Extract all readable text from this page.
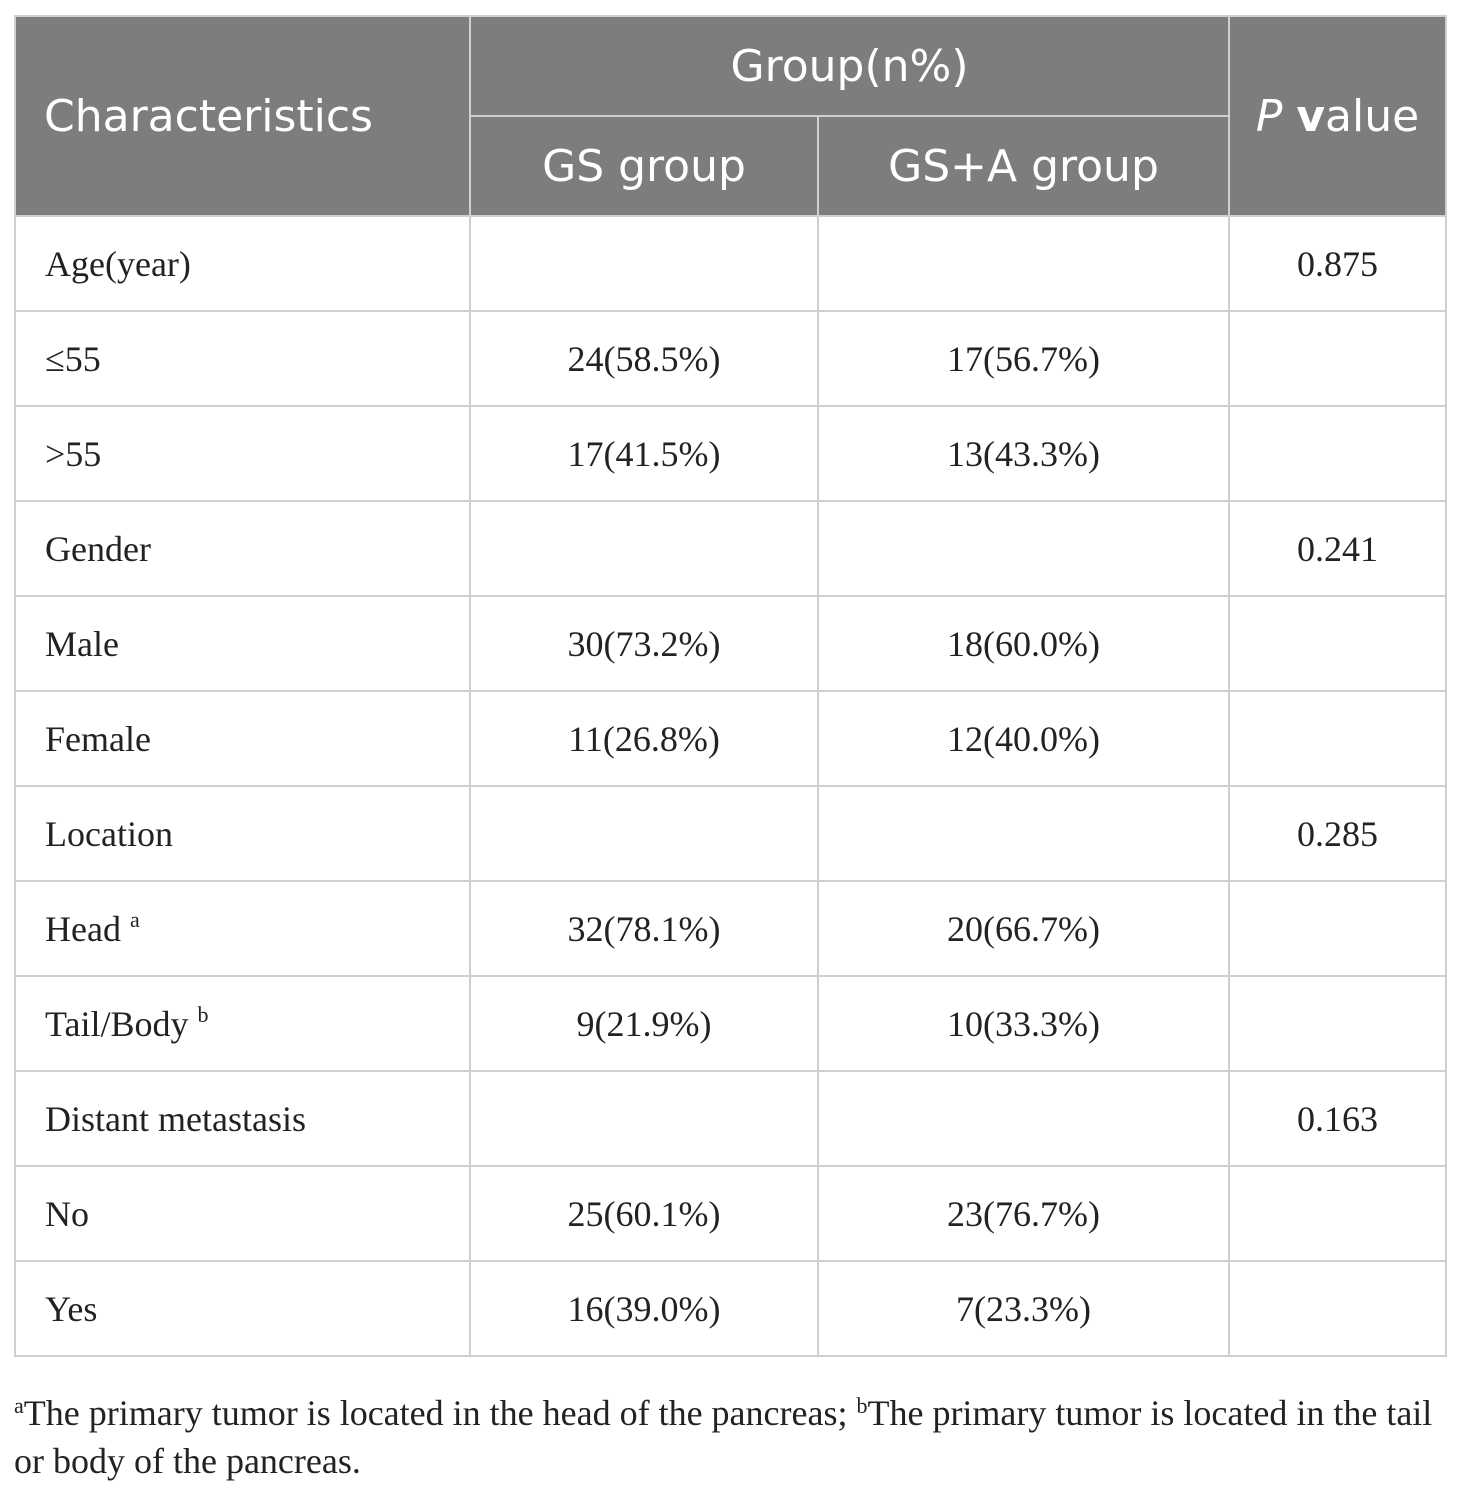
Characteristics	Group(n%)		P value
	GS group	GS+A group	
Age(year)			0.875
≤55	24(58.5%)	17(56.7%)	
>55	17(41.5%)	13(43.3%)	
Gender			0.241
Male	30(73.2%)	18(60.0%)	
Female	11(26.8%)	12(40.0%)	
Location			0.285
Head $^a$	32(78.1%)	20(66.7%)	
Tail/Body $^b$	9(21.9%)	10(33.3%)	
Distant metastasis			0.163
No	25(60.1%)	23(76.7%)	
Yes	16(39.0%)	7(23.3%)	
$^a$The primary tumor is located in the head of the pancreas; $^b$The primary tumor is located in the tail or body of the pancreas.
